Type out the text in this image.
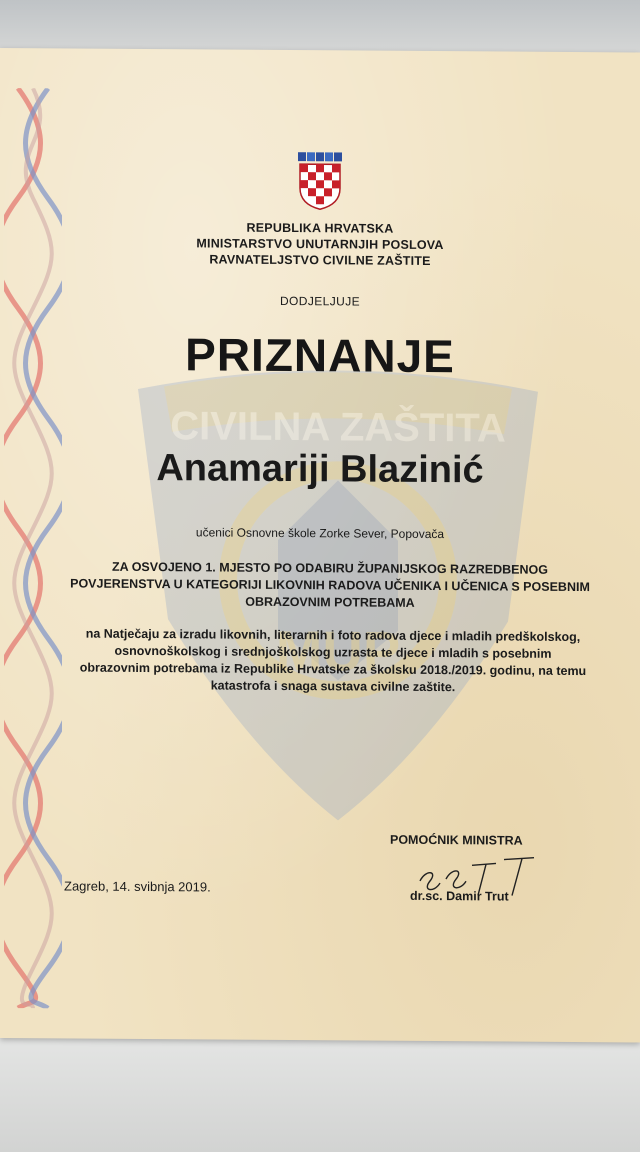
CIVILNA ZAŠTITA
MUP
REPUBLIKA HRVATSKA
MINISTARSTVO UNUTARNJIH POSLOVA
RAVNATELJSTVO CIVILNE ZAŠTITE
DODJELJUJE
PRIZNANJE
Anamariji Blazinić
učenici Osnovne škole Zorke Sever, Popovača
ZA OSVOJENO 1. MJESTO PO ODABIRU ŽUPANIJSKOG RAZREDBENOG POVJERENSTVA U KATEGORIJI LIKOVNIH RADOVA UČENIKA I UČENICA S POSEBNIM OBRAZOVNIM POTREBAMA
na Natječaju za izradu likovnih, literarnih i foto radova djece i mladih predškolskog, osnovnoškolskog i srednjoškolskog uzrasta te djece i mladih s posebnim obrazovnim potrebama iz Republike Hrvatske za školsku 2018./2019. godinu, na temu katastrofa i snaga sustava civilne zaštite.
POMOĆNIK MINISTRA
Zagreb, 14. svibnja 2019.
dr.sc. Damir Trut
